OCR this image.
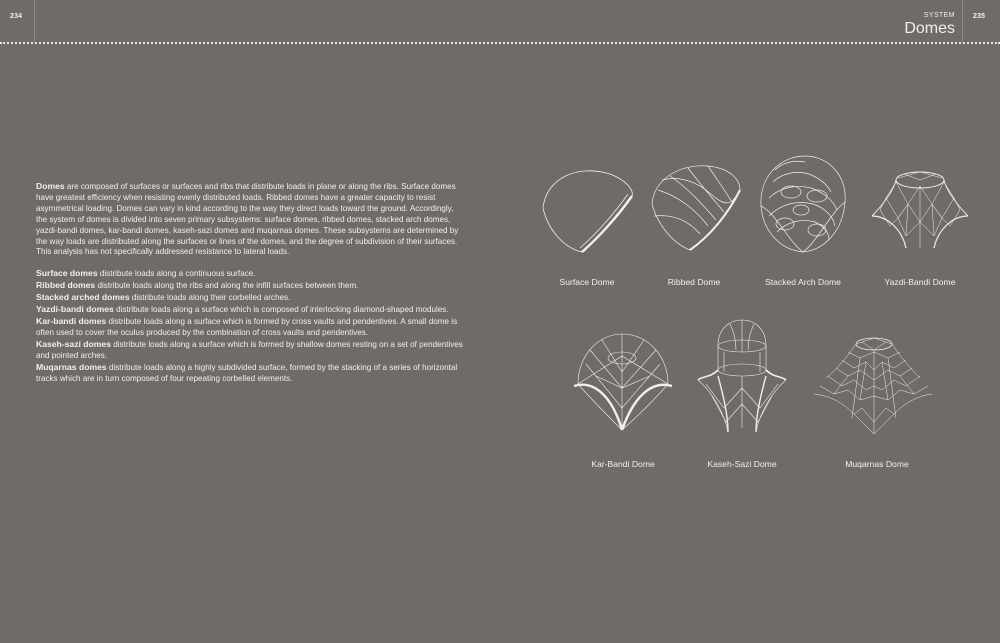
234	235
SYSTEM
Domes

Domes are composed of surfaces or surfaces and ribs that distribute loads in plane or along the ribs. Surface domes have greatest efficiency when resisting evenly distributed loads. Ribbed domes have a greater capacity to resist asymmetrical loading. Domes can vary in kind according to the way they direct loads toward the ground. Accordingly, the system of domes is divided into seven primary subsystems: surface domes, ribbed domes, stacked arch domes, yazdi-bandi domes, kar-bandi domes, kaseh-sazi domes and muqarnas domes. These subsystems are determined by the way loads are distributed along the surfaces or lines of the domes, and the degree of subdivision of their surfaces. This analysis has not specifically addressed resistance to lateral loads.

Surface domes distribute loads along a continuous surface.
Ribbed domes distribute loads along the ribs and along the infill surfaces between them.
Stacked arched domes distribute loads along their corbelled arches.
Yazdi-bandi domes distribute loads along a surface which is composed of interlocking diamond-shaped modules.
Kar-bandi domes distribute loads along a surface which is formed by cross vaults and pendentives. A small dome is often used to cover the oculus produced by the combination of cross vaults and pendentives.
Kaseh-sazi domes distribute loads along a surface which is formed by shallow domes resting on a set of pendentives and pointed arches.
Muqarnas domes distribute loads along a highly subdivided surface, formed by the stacking of a series of horizontal tracks which are in turn composed of four repeating corbelled elements.

Surface Dome	Ribbed Dome	Stacked Arch Dome	Yazdi-Bandi Dome
Kar-Bandi Dome	Kaseh-Sazi Dome	Muqarnas Dome
